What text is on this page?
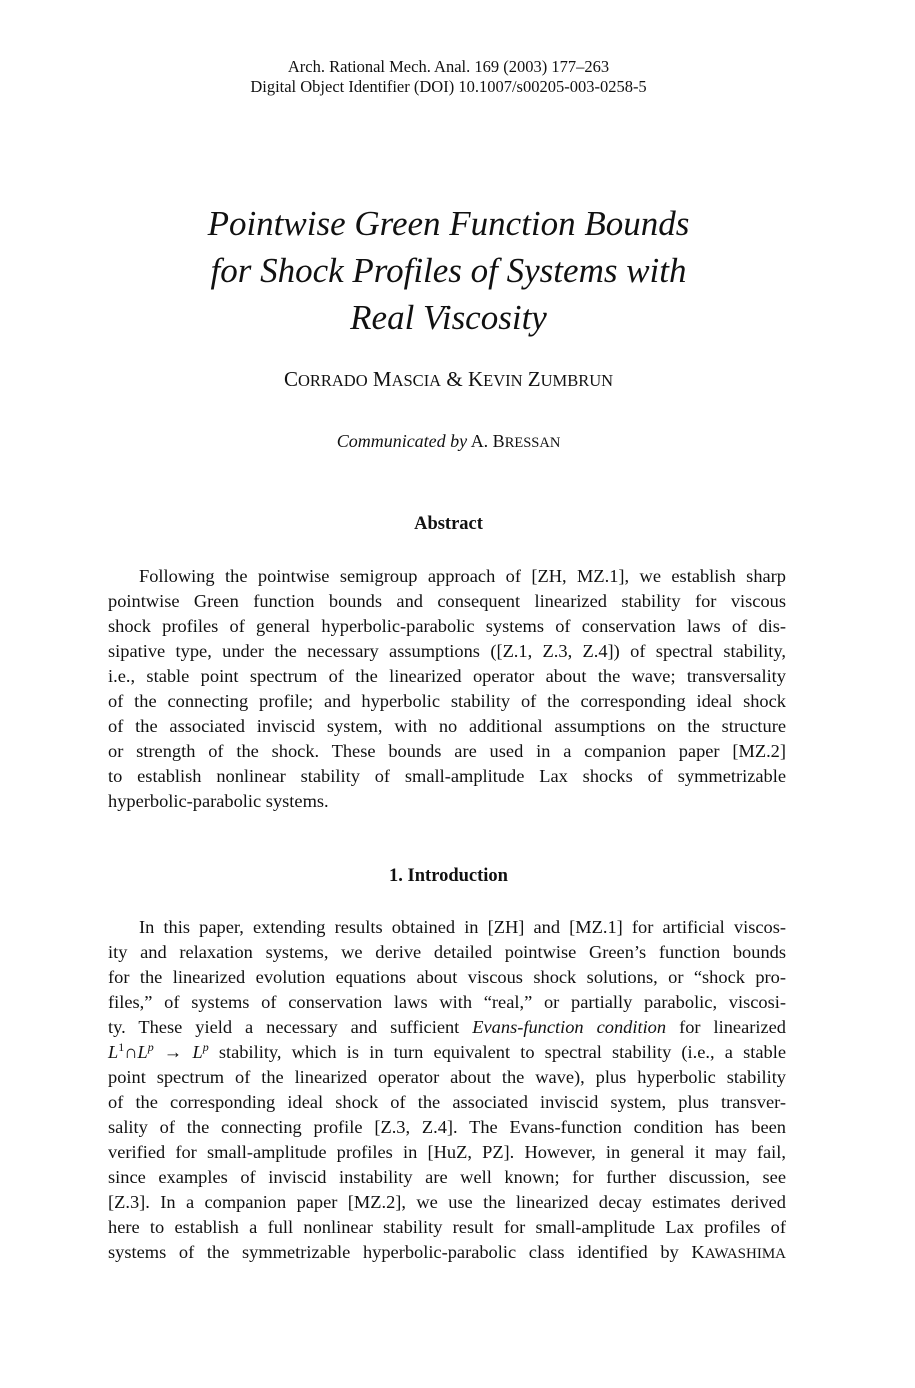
Arch. Rational Mech. Anal. 169 (2003) 177–263
Digital Object Identifier (DOI) 10.1007/s00205-003-0258-5
Pointwise Green Function Bounds
for Shock Profiles of Systems with
Real Viscosity
CORRADO MASCIA & KEVIN ZUMBRUN
Communicated by A. BRESSAN
Abstract
Following the pointwise semigroup approach of [ZH, MZ.1], we establish sharp
pointwise Green function bounds and consequent linearized stability for viscous
shock profiles of general hyperbolic-parabolic systems of conservation laws of dis-
sipative type, under the necessary assumptions ([Z.1, Z.3, Z.4]) of spectral stability,
i.e., stable point spectrum of the linearized operator about the wave; transversality
of the connecting profile; and hyperbolic stability of the corresponding ideal shock
of the associated inviscid system, with no additional assumptions on the structure
or strength of the shock. These bounds are used in a companion paper [MZ.2]
to establish nonlinear stability of small-amplitude Lax shocks of symmetrizable
hyperbolic-parabolic systems.
1. Introduction
In this paper, extending results obtained in [ZH] and [MZ.1] for artificial viscos-
ity and relaxation systems, we derive detailed pointwise Green’s function bounds
for the linearized evolution equations about viscous shock solutions, or “shock pro-
files,” of systems of conservation laws with “real,” or partially parabolic, viscosi-
ty. These yield a necessary and sufficient Evans-function condition for linearized
$L^1\cap L^p \to L^p$ stability, which is in turn equivalent to spectral stability (i.e., a stable
point spectrum of the linearized operator about the wave), plus hyperbolic stability
of the corresponding ideal shock of the associated inviscid system, plus transver-
sality of the connecting profile [Z.3, Z.4]. The Evans-function condition has been
verified for small-amplitude profiles in [HuZ, PZ]. However, in general it may fail,
since examples of inviscid instability are well known; for further discussion, see
[Z.3]. In a companion paper [MZ.2], we use the linearized decay estimates derived
here to establish a full nonlinear stability result for small-amplitude Lax profiles of
systems of the symmetrizable hyperbolic-parabolic class identified by KAWASHIMA
